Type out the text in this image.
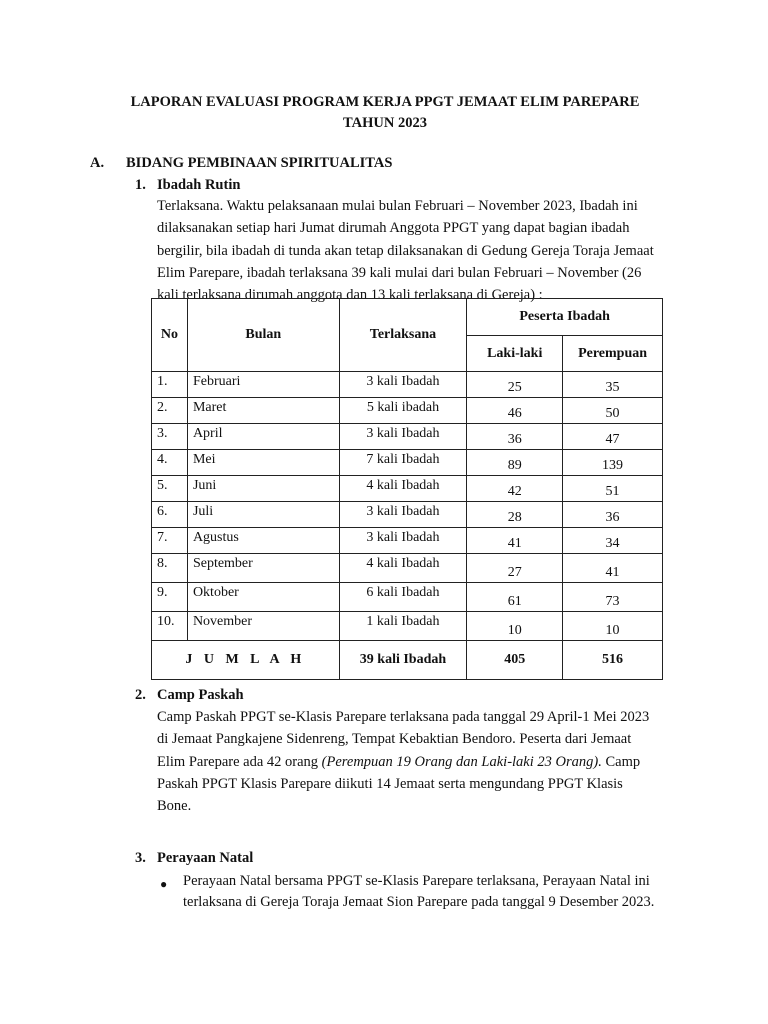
LAPORAN EVALUASI PROGRAM KERJA PPGT JEMAAT ELIM PAREPARE
TAHUN 2023
A. BIDANG PEMBINAAN SPIRITUALITAS
1. Ibadah Rutin
Terlaksana. Waktu pelaksanaan mulai bulan Februari – November 2023, Ibadah ini
dilaksanakan setiap hari Jumat dirumah Anggota PPGT yang dapat bagian ibadah
bergilir, bila ibadah di tunda akan tetap dilaksanakan di Gedung Gereja Toraja Jemaat
Elim Parepare, ibadah terlaksana 39 kali mulai dari bulan Februari – November (26
kali terlaksana dirumah anggota dan 13 kali terlaksana di Gereja) :
No	Bulan	Terlaksana	Peserta Ibadah	
			Laki-laki	Perempuan
1.	Februari	3 kali Ibadah	25	35
2.	Maret	5 kali ibadah	46	50
3.	April	3 kali Ibadah	36	47
4.	Mei	7 kali Ibadah	89	139
5.	Juni	4 kali Ibadah	42	51
6.	Juli	3 kali Ibadah	28	36
7.	Agustus	3 kali Ibadah	41	34
8.	September	4 kali Ibadah	27	41
9.	Oktober	6 kali Ibadah	61	73
10.	November	1 kali Ibadah	10	10
J U M L A H		39 kali Ibadah	405	516
2. Camp Paskah
Camp Paskah PPGT se-Klasis Parepare terlaksana pada tanggal 29 April-1 Mei 2023
di Jemaat Pangkajene Sidenreng, Tempat Kebaktian Bendoro. Peserta dari Jemaat
Elim Parepare ada 42 orang (Perempuan 19 Orang dan Laki-laki 23 Orang). Camp
Paskah PPGT Klasis Parepare diikuti 14 Jemaat serta mengundang PPGT Klasis
Bone.
3. Perayaan Natal
● Perayaan Natal bersama PPGT se-Klasis Parepare terlaksana, Perayaan Natal ini
terlaksana di Gereja Toraja Jemaat Sion Parepare pada tanggal 9 Desember 2023.
